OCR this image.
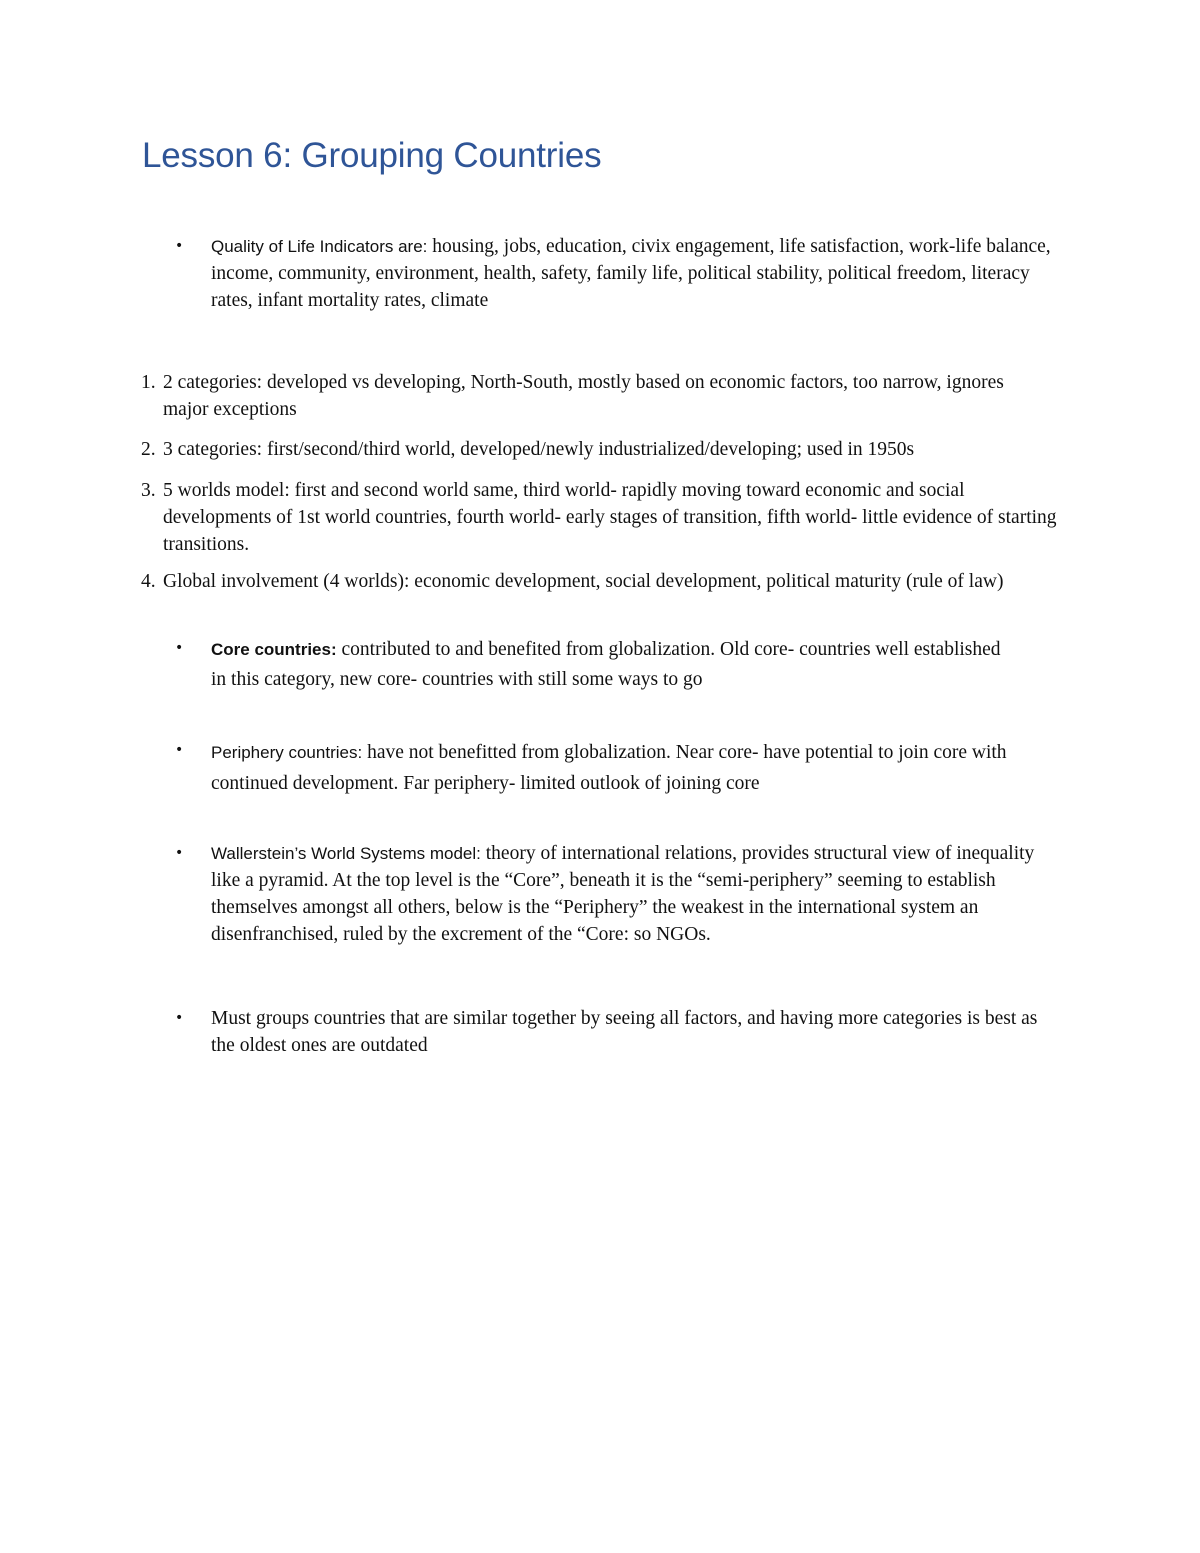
Lesson 6: Grouping Countries
• Quality of Life Indicators are: housing, jobs, education, civix engagement, life satisfaction, work-life balance, income, community, environment, health, safety, family life, political stability, political freedom, literacy rates, infant mortality rates, climate
1. 2 categories: developed vs developing, North-South, mostly based on economic factors, too narrow, ignores major exceptions
2. 3 categories: first/second/third world, developed/newly industrialized/developing; used in 1950s
3. 5 worlds model: first and second world same, third world- rapidly moving toward economic and social developments of 1st world countries, fourth world- early stages of transition, fifth world- little evidence of starting transitions.
4. Global involvement (4 worlds): economic development, social development, political maturity (rule of law)
• Core countries: contributed to and benefited from globalization. Old core- countries well established in this category, new core- countries with still some ways to go
• Periphery countries: have not benefitted from globalization. Near core- have potential to join core with continued development. Far periphery- limited outlook of joining core
• Wallerstein’s World Systems model: theory of international relations, provides structural view of inequality like a pyramid. At the top level is the “Core”, beneath it is the “semi-periphery” seeming to establish themselves amongst all others, below is the “Periphery” the weakest in the international system an disenfranchised, ruled by the excrement of the “Core: so NGOs.
• Must groups countries that are similar together by seeing all factors, and having more categories is best as the oldest ones are outdated
